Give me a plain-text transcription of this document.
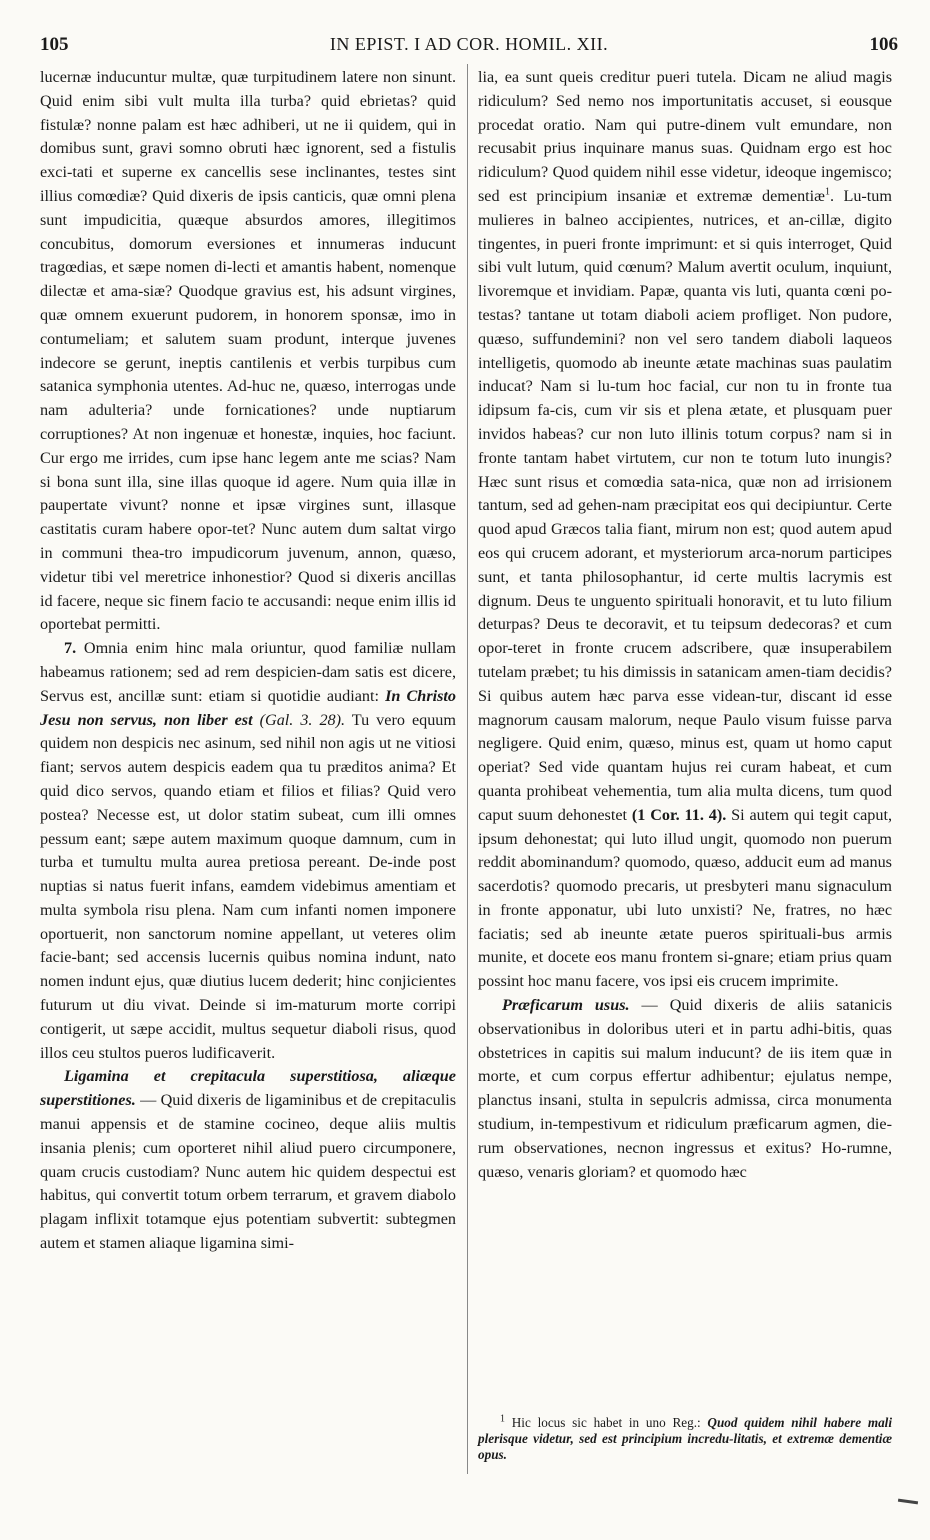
105	IN EPIST. I AD COR. HOMIL. XII.	106

lucernæ inducuntur multæ, quæ turpitudinem latere non sinunt. Quid enim sibi vult multa illa turba? quid ebrietas? quid fistulæ? nonne palam est hæc adhiberi, ut ne ii quidem, qui in domibus sunt, gravi somno obruti hæc ignorent, sed a fistulis exci-tati et superne ex cancellis sese inclinantes, testes sint illius comœdiæ? Quid dixeris de ipsis canticis, quæ omni plena sunt impudicitia, quæque absurdos amores, illegitimos concubitus, domorum eversiones et innumeras inducunt tragœdias, et sæpe nomen di-lecti et amantis habent, nomenque dilectæ et ama-siæ? Quodque gravius est, his adsunt virgines, quæ omnem exuerunt pudorem, in honorem sponsæ, imo in contumeliam; et salutem suam produnt, interque juvenes indecore se gerunt, ineptis cantilenis et verbis turpibus cum satanica symphonia utentes. Ad-huc ne, quæso, interrogas unde nam adulteria? unde fornicationes? unde nuptiarum corruptiones? At non ingenuæ et honestæ, inquies, hoc faciunt. Cur ergo me irrides, cum ipse hanc legem ante me scias? Nam si bona sunt illa, sine illas quoque id agere. Num quia illæ in paupertate vivunt? nonne et ipsæ virgines sunt, illasque castitatis curam habere opor-tet? Nunc autem dum saltat virgo in communi thea-tro impudicorum juvenum, annon, quæso, videtur tibi vel meretrice inhonestior? Quod si dixeris ancillas id facere, neque sic finem facio te accusandi: neque enim illis id oportebat permitti.

7. Omnia enim hinc mala oriuntur, quod familiæ nullam habeamus rationem; sed ad rem despicien-dam satis est dicere, Servus est, ancillæ sunt: etiam si quotidie audiant: In Christo Jesu non servus, non liber est (Gal. 3. 28). Tu vero equum quidem non despicis nec asinum, sed nihil non agis ut ne vitiosi fiant; servos autem despicis eadem qua tu præditos anima? Et quid dico servos, quando etiam et filios et filias? Quid vero postea? Necesse est, ut dolor statim subeat, cum illi omnes pessum eant; sæpe autem maximum quoque damnum, cum in turba et tumultu multa aurea pretiosa pereant. De-inde post nuptias si natus fuerit infans, eamdem videbimus amentiam et multa symbola risu plena. Nam cum infanti nomen imponere oportuerit, non sanctorum nomine appellant, ut veteres olim facie-bant; sed accensis lucernis quibus nomina indunt, nato nomen indunt ejus, quæ diutius lucem dederit; hinc conjicientes futurum ut diu vivat. Deinde si im-maturum morte corripi contigerit, ut sæpe accidit, multus sequetur diaboli risus, quod illos ceu stultos pueros ludificaverit.

Ligamina et crepitacula superstitiosa, aliæque superstitiones. — Quid dixeris de ligaminibus et de crepitaculis manui appensis et de stamine cocineo, deque aliis multis insania plenis; cum oporteret nihil aliud puero circumponere, quam crucis custodiam? Nunc autem hic quidem despectui est habitus, qui convertit totum orbem terrarum, et gravem diabolo plagam inflixit totamque ejus potentiam subvertit: subtegmen autem et stamen aliaque ligamina simi-

lia, ea sunt queis creditur pueri tutela. Dicam ne aliud magis ridiculum? Sed nemo nos importunitatis accuset, si eousque procedat oratio. Nam qui putre-dinem vult emundare, non recusabit prius inquinare manus suas. Quidnam ergo est hoc ridiculum? Quod quidem nihil esse videtur, ideoque ingemisco; sed est principium insaniæ et extremæ dementiæ$^1$. Lu-tum mulieres in balneo accipientes, nutrices, et an-cillæ, digito tingentes, in pueri fronte imprimunt: et si quis interroget, Quid sibi vult lutum, quid cœnum? Malum avertit oculum, inquiunt, livoremque et invidiam. Papæ, quanta vis luti, quanta cœni po-testas? tantane ut totam diaboli aciem profliget. Non pudore, quæso, suffundemini? non vel sero tandem diaboli laqueos intelligetis, quomodo ab ineunte ætate machinas suas paulatim inducat? Nam si lu-tum hoc facial, cur non tu in fronte tua idipsum fa-cis, cum vir sis et plena ætate, et plusquam puer invidos habeas? cur non luto illinis totum corpus? nam si in fronte tantam habet virtutem, cur non te totum luto inungis? Hæc sunt risus et comœdia sata-nica, quæ non ad irrisionem tantum, sed ad gehen-nam præcipitat eos qui decipiuntur. Certe quod apud Græcos talia fiant, mirum non est; quod autem apud eos qui crucem adorant, et mysteriorum arca-norum participes sunt, et tanta philosophantur, id certe multis lacrymis est dignum. Deus te unguento spirituali honoravit, et tu luto filium deturpas? Deus te decoravit, et tu teipsum dedecoras? et cum opor-teret in fronte crucem adscribere, quæ insuperabilem tutelam præbet; tu his dimissis in satanicam amen-tiam decidis? Si quibus autem hæc parva esse videan-tur, discant id esse magnorum causam malorum, neque Paulo visum fuisse parva negligere. Quid enim, quæso, minus est, quam ut homo caput operiat? Sed vide quantam hujus rei curam habeat, et cum quanta prohibeat vehementia, tum alia multa dicens, tum quod caput suum dehonestet (1 Cor. 11. 4). Si autem qui tegit caput, ipsum dehonestat; qui luto illud ungit, quomodo non puerum reddit abominandum? quomodo, quæso, adducit eum ad manus sacerdotis? quomodo precaris, ut presbyteri manu signaculum in fronte apponatur, ubi luto unxisti? Ne, fratres, no hæc faciatis; sed ab ineunte ætate pueros spirituali-bus armis munite, et docete eos manu frontem si-gnare; etiam prius quam possint hoc manu facere, vos ipsi eis crucem imprimite.

Præficarum usus. — Quid dixeris de aliis satanicis observationibus in doloribus uteri et in partu adhi-bitis, quas obstetrices in capitis sui malum inducunt? de iis item quæ in morte, et cum corpus effertur adhibentur; ejulatus nempe, planctus insani, stulta in sepulcris admissa, circa monumenta studium, in-tempestivum et ridiculum præficarum agmen, die-rum observationes, necnon ingressus et exitus? Ho-rumne, quæso, venaris gloriam? et quomodo hæc

$^1$ Hic locus sic habet in uno Reg.: Quod quidem nihil habere mali plerisque videtur, sed est principium incredu-litatis, et extremæ dementiæ opus.
